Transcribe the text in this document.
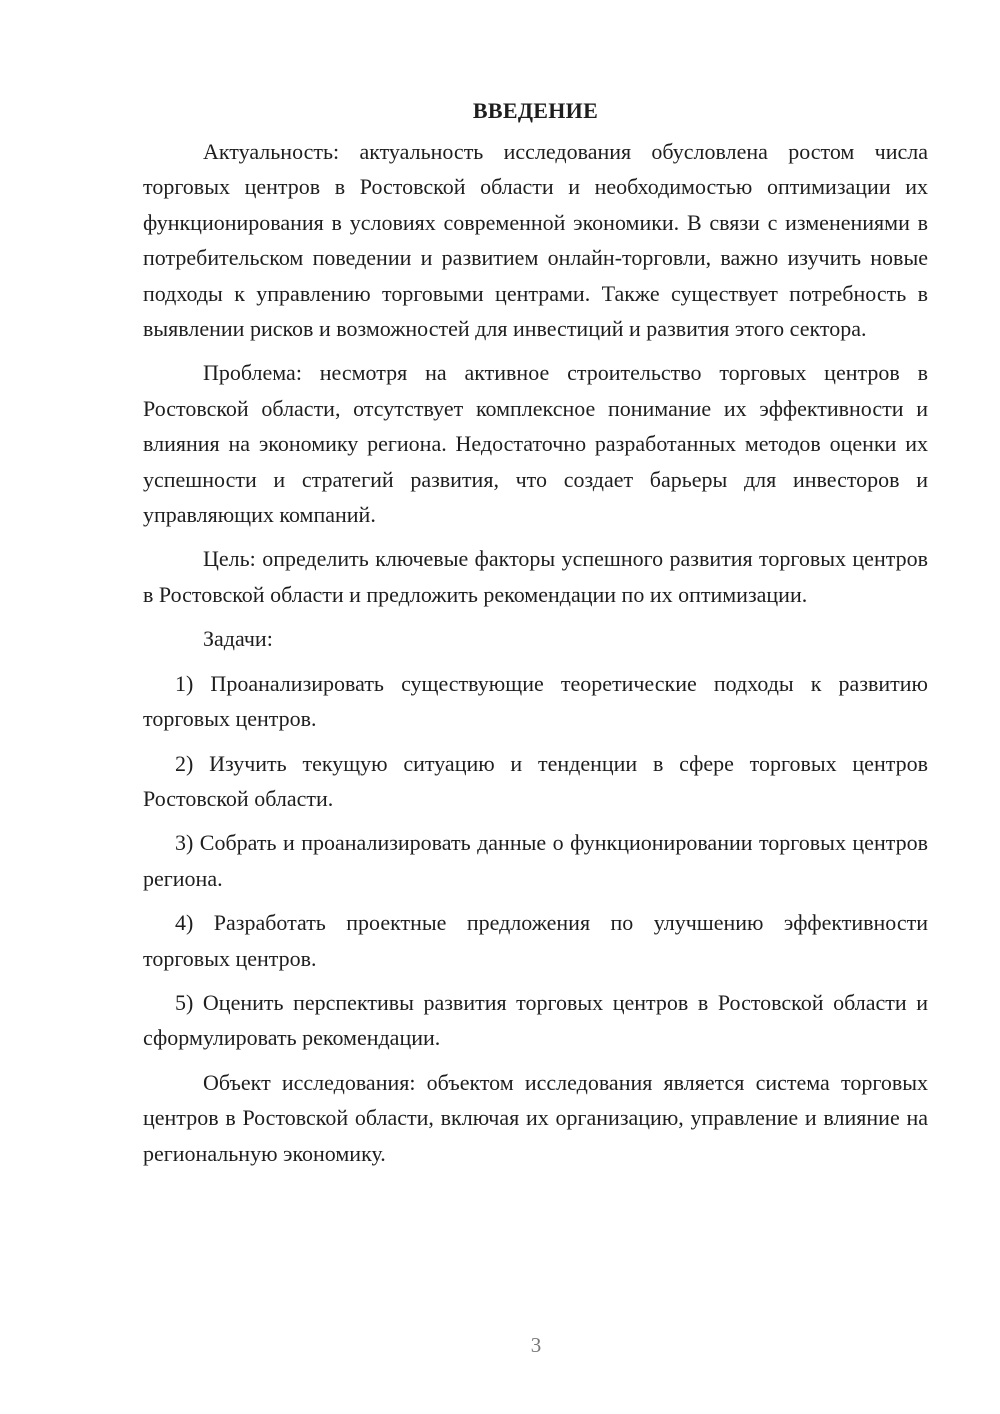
ВВЕДЕНИЕ

Актуальность: актуальность исследования обусловлена ростом числа торговых центров в Ростовской области и необходимостью оптимизации их функционирования в условиях современной экономики. В связи с изменениями в потребительском поведении и развитием онлайн-торговли, важно изучить новые подходы к управлению торговыми центрами. Также существует потребность в выявлении рисков и возможностей для инвестиций и развития этого сектора.

Проблема: несмотря на активное строительство торговых центров в Ростовской области, отсутствует комплексное понимание их эффективности и влияния на экономику региона. Недостаточно разработанных методов оценки их успешности и стратегий развития, что создает барьеры для инвесторов и управляющих компаний.

Цель: определить ключевые факторы успешного развития торговых центров в Ростовской области и предложить рекомендации по их оптимизации.

Задачи:

1) Проанализировать существующие теоретические подходы к развитию торговых центров.

2) Изучить текущую ситуацию и тенденции в сфере торговых центров Ростовской области.

3) Собрать и проанализировать данные о функционировании торговых центров региона.

4) Разработать проектные предложения по улучшению эффективности торговых центров.

5) Оценить перспективы развития торговых центров в Ростовской области и сформулировать рекомендации.

Объект исследования: объектом исследования является система торговых центров в Ростовской области, включая их организацию, управление и влияние на региональную экономику.

3
